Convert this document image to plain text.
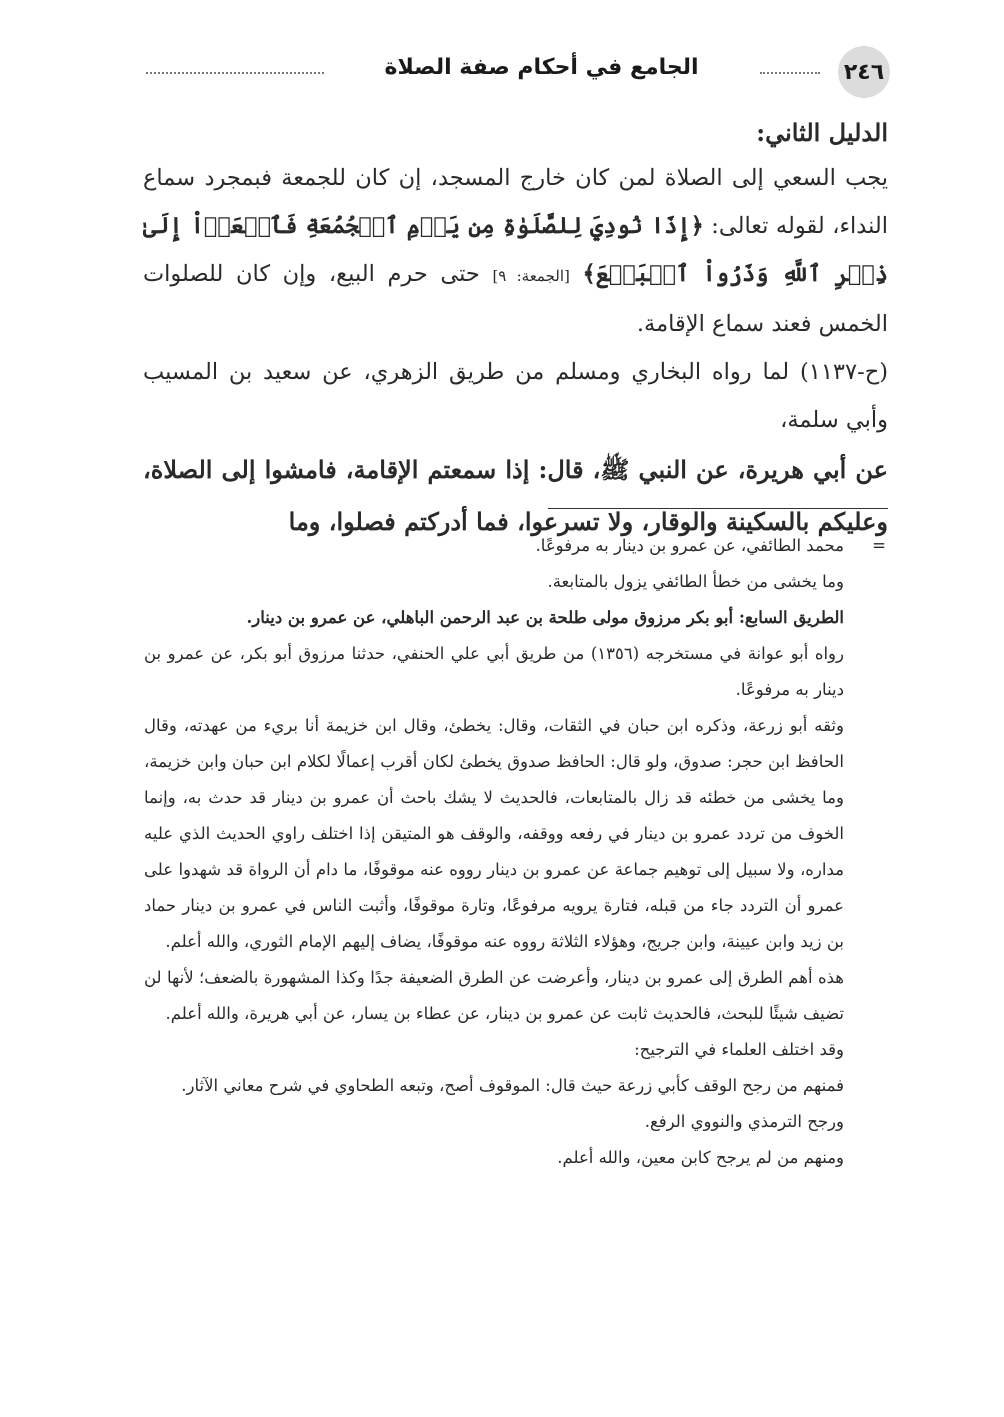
٢٤٦
الجامع في أحكام صفة الصلاة

الدليل الثاني:

يجب السعي إلى الصلاة لمن كان خارج المسجد، إن كان للجمعة فبمجرد سماع النداء، لقوله تعالى: ﴿إِذَا نُودِيَ لِلصَّلَوٰةِ مِن يَوۡمِ ٱلۡجُمُعَةِ فَٱسۡعَوۡاْ إِلَىٰ ذِكۡرِ ٱللَّهِ وَذَرُواْ ٱلۡبَيۡعَ﴾ [الجمعة: ٩] حتى حرم البيع، وإن كان للصلوات الخمس فعند سماع الإقامة.

(ح-١١٣٧) لما رواه البخاري ومسلم من طريق الزهري، عن سعيد بن المسيب وأبي سلمة،

عن أبي هريرة، عن النبي ﷺ، قال: إذا سمعتم الإقامة، فامشوا إلى الصلاة، وعليكم بالسكينة والوقار، ولا تسرعوا، فما أدركتم فصلوا، وما

=

محمد الطائفي، عن عمرو بن دينار به مرفوعًا.

وما يخشى من خطأ الطائفي يزول بالمتابعة.

الطريق السابع: أبو بكر مرزوق مولى طلحة بن عبد الرحمن الباهلي، عن عمرو بن دينار.

رواه أبو عوانة في مستخرجه (١٣٥٦) من طريق أبي علي الحنفي، حدثنا مرزوق أبو بكر، عن عمرو بن دينار به مرفوعًا.

وثقه أبو زرعة، وذكره ابن حبان في الثقات، وقال: يخطئ، وقال ابن خزيمة أنا بريء من عهدته، وقال الحافظ ابن حجر: صدوق، ولو قال: الحافظ صدوق يخطئ لكان أقرب إعمالًا لكلام ابن حبان وابن خزيمة، وما يخشى من خطئه قد زال بالمتابعات، فالحديث لا يشك باحث أن عمرو بن دينار قد حدث به، وإنما الخوف من تردد عمرو بن دينار في رفعه ووقفه، والوقف هو المتيقن إذا اختلف راوي الحديث الذي عليه مداره، ولا سبيل إلى توهيم جماعة عن عمرو بن دينار رووه عنه موقوفًا، ما دام أن الرواة قد شهدوا على عمرو أن التردد جاء من قبله، فتارة يرويه مرفوعًا، وتارة موقوفًا، وأثبت الناس في عمرو بن دينار حماد بن زيد وابن عيينة، وابن جريج، وهؤلاء الثلاثة رووه عنه موقوفًا، يضاف إليهم الإمام الثوري، والله أعلم.

هذه أهم الطرق إلى عمرو بن دينار، وأعرضت عن الطرق الضعيفة جدًا وكذا المشهورة بالضعف؛ لأنها لن تضيف شيئًا للبحث، فالحديث ثابت عن عمرو بن دينار، عن عطاء بن يسار، عن أبي هريرة، والله أعلم.

وقد اختلف العلماء في الترجيح:

فمنهم من رجح الوقف كأبي زرعة حيث قال: الموقوف أصح، وتبعه الطحاوي في شرح معاني الآثار.

ورجح الترمذي والنووي الرفع.

ومنهم من لم يرجح كابن معين، والله أعلم.
